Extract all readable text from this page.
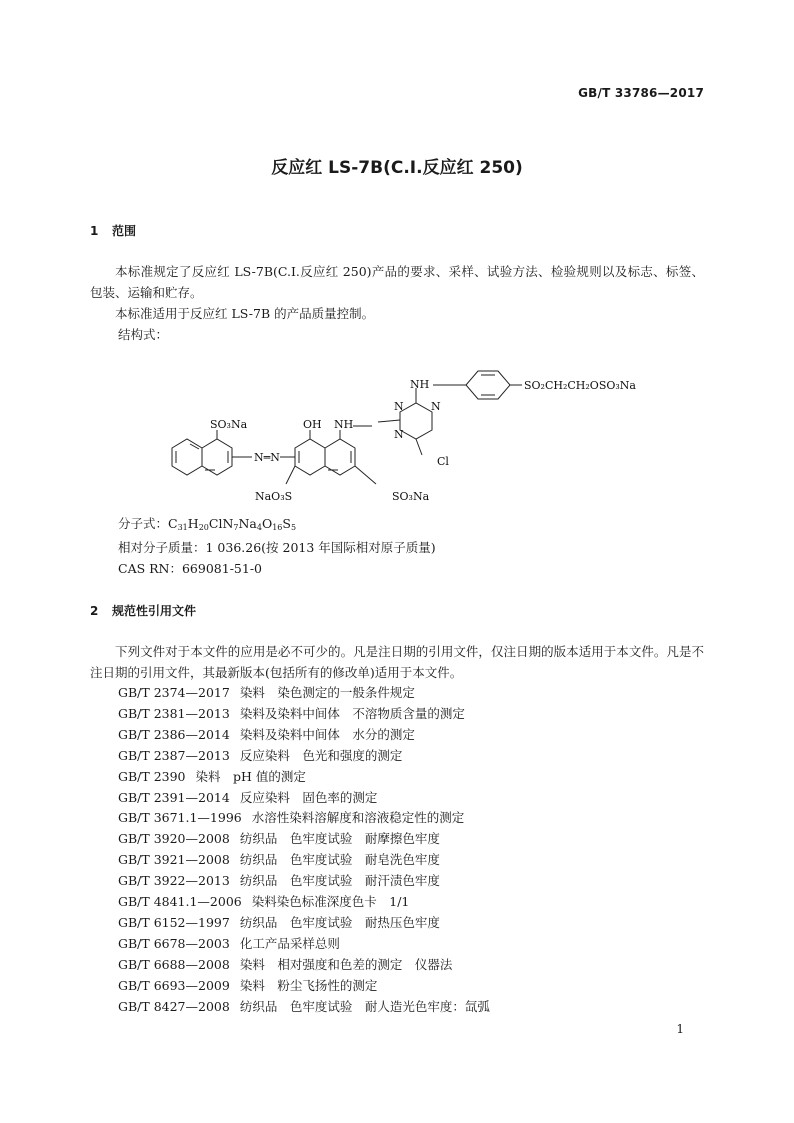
GB/T 33786—2017
反应红 LS-7B(C.I.反应红 250)
1 范围
本标准规定了反应红 LS-7B(C.I.反应红 250)产品的要求、采样、试验方法、检验规则以及标志、标签、包装、运输和贮存。
本标准适用于反应红 LS-7B 的产品质量控制。
结构式：
SO₃Na
N═N
OH NH
NH
N N
N
Cl
NaO₃S	SO₃Na
SO₂CH₂CH₂OSO₃Na
分子式：$C_{31}H_{20}ClN_7Na_4O_{16}S_5$
相对分子质量：1 036.26(按 2013 年国际相对原子质量)
CAS RN：669081-51-0
2 规范性引用文件
下列文件对于本文件的应用是必不可少的。凡是注日期的引用文件，仅注日期的版本适用于本文件。凡是不注日期的引用文件，其最新版本(包括所有的修改单)适用于本文件。
GB/T 2374—2017 染料　染色测定的一般条件规定
GB/T 2381—2013 染料及染料中间体　不溶物质含量的测定
GB/T 2386—2014 染料及染料中间体　水分的测定
GB/T 2387—2013 反应染料　色光和强度的测定
GB/T 2390 染料　pH 值的测定
GB/T 2391—2014 反应染料　固色率的测定
GB/T 3671.1—1996 水溶性染料溶解度和溶液稳定性的测定
GB/T 3920—2008 纺织品　色牢度试验　耐摩擦色牢度
GB/T 3921—2008 纺织品　色牢度试验　耐皂洗色牢度
GB/T 3922—2013 纺织品　色牢度试验　耐汗渍色牢度
GB/T 4841.1—2006 染料染色标准深度色卡　1/1
GB/T 6152—1997 纺织品　色牢度试验　耐热压色牢度
GB/T 6678—2003 化工产品采样总则
GB/T 6688—2008 染料　相对强度和色差的测定　仪器法
GB/T 6693—2009 染料　粉尘飞扬性的测定
GB/T 8427—2008 纺织品　色牢度试验　耐人造光色牢度：氙弧
1
